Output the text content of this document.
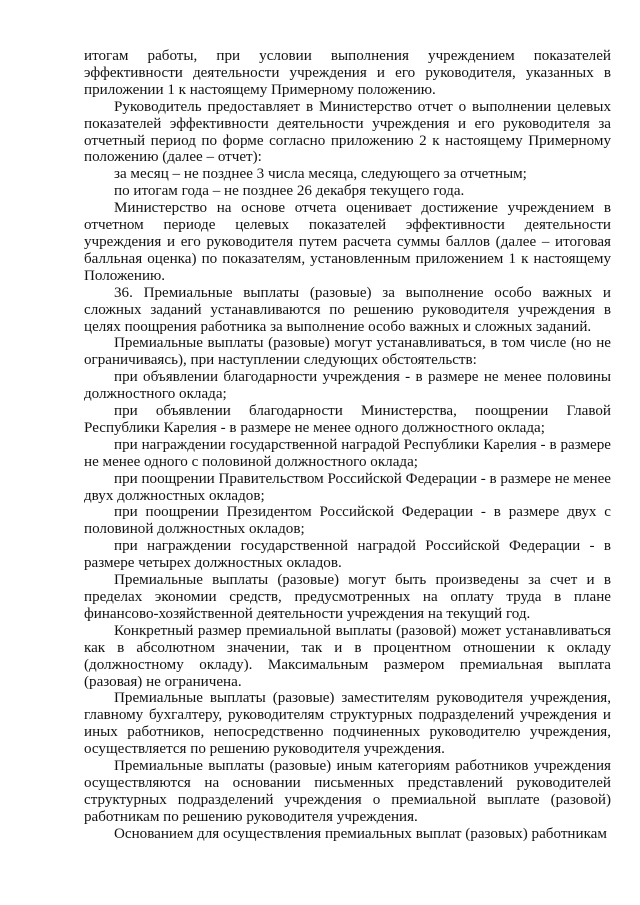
итогам работы, при условии выполнения учреждением показателей эффективности деятельности учреждения и его руководителя, указанных в приложении 1 к настоящему Примерному положению.

Руководитель предоставляет в Министерство отчет о выполнении целевых показателей эффективности деятельности учреждения и его руководителя за отчетный период по форме согласно приложению 2 к настоящему Примерному положению (далее – отчет):

за месяц – не позднее 3 числа месяца, следующего за отчетным;

по итогам года – не позднее 26 декабря текущего года.

Министерство на основе отчета оценивает достижение учреждением в отчетном периоде целевых показателей эффективности деятельности учреждения и его руководителя путем расчета суммы баллов (далее – итоговая балльная оценка) по показателям, установленным приложением 1 к настоящему Положению.

36. Премиальные выплаты (разовые) за выполнение особо важных и сложных заданий устанавливаются по решению руководителя учреждения в целях поощрения работника за выполнение особо важных и сложных заданий.

Премиальные выплаты (разовые) могут устанавливаться, в том числе (но не ограничиваясь), при наступлении следующих обстоятельств:

при объявлении благодарности учреждения - в размере не менее половины должностного оклада;

при объявлении благодарности Министерства, поощрении Главой Республики Карелия - в размере не менее одного должностного оклада;

при награждении государственной наградой Республики Карелия - в размере не менее одного с половиной должностного оклада;

при поощрении Правительством Российской Федерации - в размере не менее двух должностных окладов;

при поощрении Президентом Российской Федерации - в размере двух с половиной должностных окладов;

при награждении государственной наградой Российской Федерации - в размере четырех должностных окладов.

Премиальные выплаты (разовые) могут быть произведены за счет и в пределах экономии средств, предусмотренных на оплату труда в плане финансово-хозяйственной деятельности учреждения на текущий год.

Конкретный размер премиальной выплаты (разовой) может устанавливаться как в абсолютном значении, так и в процентном отношении к окладу (должностному окладу). Максимальным размером премиальная выплата (разовая) не ограничена.

Премиальные выплаты (разовые) заместителям руководителя учреждения, главному бухгалтеру, руководителям структурных подразделений учреждения и иных работников, непосредственно подчиненных руководителю учреждения, осуществляется по решению руководителя учреждения.

Премиальные выплаты (разовые) иным категориям работников учреждения осуществляются на основании письменных представлений руководителей структурных подразделений учреждения о премиальной выплате (разовой) работникам по решению руководителя учреждения.

Основанием для осуществления премиальных выплат (разовых) работникам
